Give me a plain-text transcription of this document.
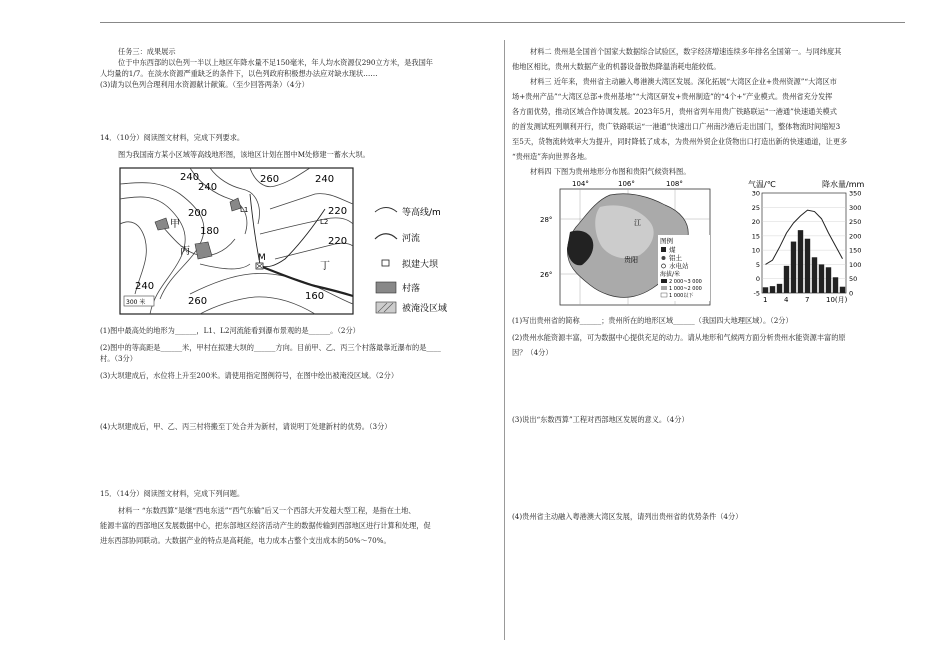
任务三：成果展示

位于中东西部的以色列一半以上地区年降水量不足150毫米，年人均水资源仅290立方米，是我国年

人均量的1/7。在淡水资源严重缺乏的条件下，以色列政府积极想办法应对缺水现状……

(3)请为以色列合理利用水资源献计献策。（至少回答两条）（4分）

14．（10分）阅读图文材料，完成下列要求。

图为我国南方某小区域等高线地形图，该地区计划在图中M处修建一蓄水大坝。

300 米
240
240
260	240
220
220
200
180
240
260	160
甲
丙
丁
M
L1
L2
等高线/m
河流
拟建大坝
村落
被淹没区域

(1)图中最高处的地形为______，L1、L2河流能看到瀑布景观的是______。（2分）

(2)图中的等高距是______米，甲村在拟建大坝的______方向。目前甲、乙、丙三个村落最靠近瀑布的是____

村。（3分）

(3)大坝建成后，水位将上升至200米。请使用指定图例符号，在图中绘出被淹没区域。（2分）

(4)大坝建成后，甲、乙、丙三村将搬至丁处合并为新村，请说明丁处建新村的优势。（3分）

15．（14分）阅读图文材料，完成下列问题。

材料一 “东数西算”是继“西电东送”“西气东输”后又一个西部大开发超大型工程，是指在土地、

能源丰富的西部地区发展数据中心，把东部地区经济活动产生的数据传输到西部地区进行计算和处理，促

进东西部协同联动。大数据产业的特点是高耗能，电力成本占整个支出成本的50%〜70%。

材料二 贵州是全国首个国家大数据综合试验区，数字经济增速连续多年排名全国第一。与同纬度其

他地区相比，贵州大数据产业的机器设备散热降温消耗电能较低。

材料三 近年来，贵州省主动融入粤港澳大湾区发展。深化拓展“大湾区企业+贵州资源”“大湾区市

场+贵州产品”“大湾区总部+贵州基地”“大湾区研发+贵州制造”的“4个+”产业模式。贵州省充分发挥

各方面优势，推动区域合作协调发展。2023年5月，贵州省列车用贵广铁路联运“一港通”快速通关模式

的首发测试班列顺利开行，贵广铁路联运“一港通”快速出口广州南沙港后走出国门，整体物流时间缩短3

至5天，货物流转效率大为提升，同时降低了成本，为贵州外贸企业货物出口打造出新的快速通道，让更多

“贵州造”奔向世界各地。

材料四 下图为贵州地形分布图和贵阳气候资料图。

104°	106°	108°
28°
26°
江
贵阳
图例
煤
铝土
水电站
海拔/米
2 000~3 000
1 000~2 000
1 000以下
气温/℃	降水量/mm
30
25
20
15
10
5
0
-5
350
300
250
200
150
100
50
0
1 4 7 10(月)

(1)写出贵州省的简称______；贵州所在的地形区域______（我国四大地理区域）。（2分）

(2)贵州水能资源丰富，可为数据中心提供充足的动力。请从地形和气候两方面分析贵州水能资源丰富的原

因？（4分）

(3)说出“东数西算”工程对西部地区发展的意义。（4分）

(4)贵州省主动融入粤港澳大湾区发展，请列出贵州省的优势条件（4分）
